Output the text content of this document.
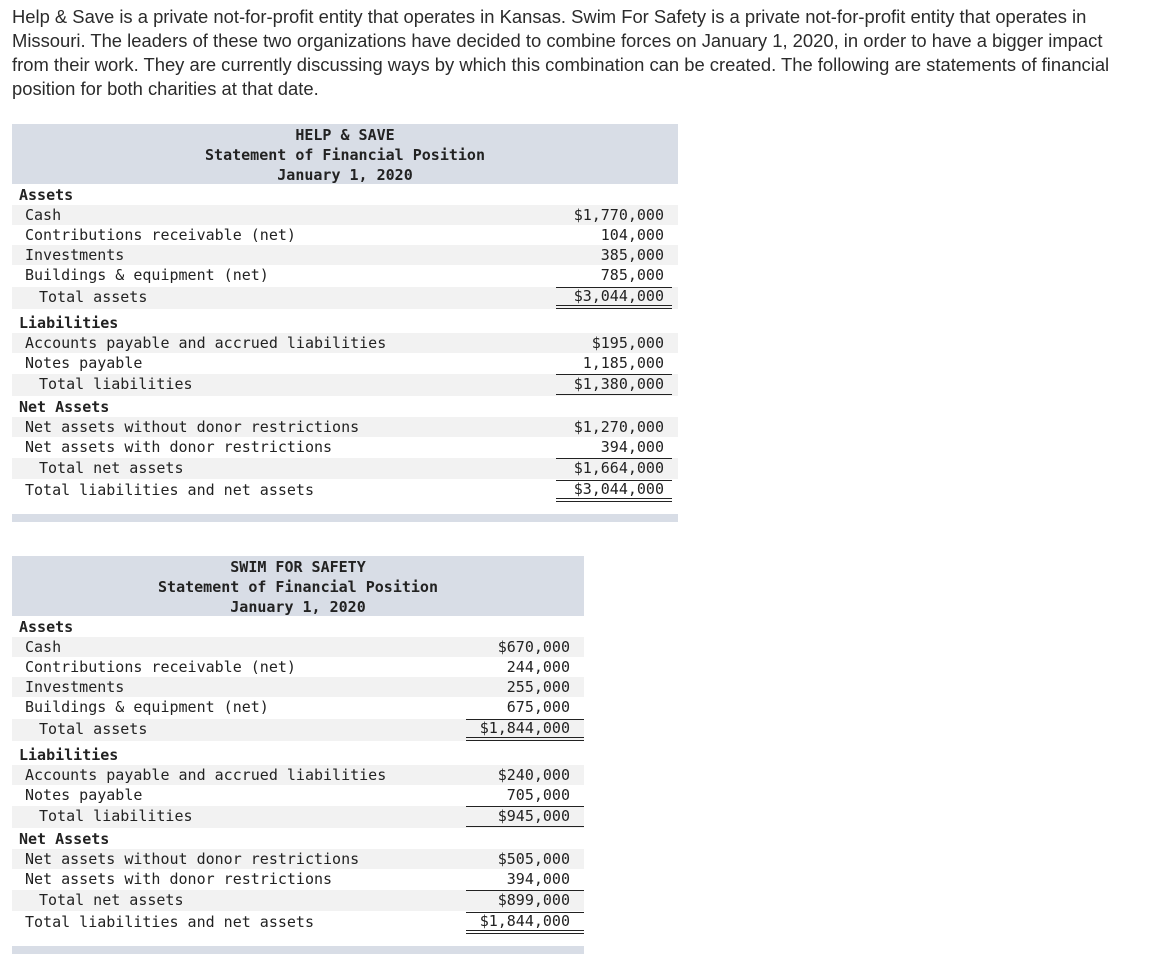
Help & Save is a private not-for-profit entity that operates in Kansas. Swim For Safety is a private not-for-profit entity that operates in Missouri. The leaders of these two organizations have decided to combine forces on January 1, 2020, in order to have a bigger impact from their work. They are currently discussing ways by which this combination can be created. The following are statements of financial position for both charities at that date.

HELP & SAVE
Statement of Financial Position
January 1, 2020
Assets
Cash	$1,770,000
Contributions receivable (net)	104,000
Investments	385,000
Buildings & equipment (net)	785,000
Total assets	$3,044,000
Liabilities
Accounts payable and accrued liabilities	$195,000
Notes payable	1,185,000
Total liabilities	$1,380,000
Net Assets
Net assets without donor restrictions	$1,270,000
Net assets with donor restrictions	394,000
Total net assets	$1,664,000
Total liabilities and net assets	$3,044,000
SWIM FOR SAFETY
Statement of Financial Position
January 1, 2020
Assets
Cash	$670,000
Contributions receivable (net)	244,000
Investments	255,000
Buildings & equipment (net)	675,000
Total assets	$1,844,000
Liabilities
Accounts payable and accrued liabilities	$240,000
Notes payable	705,000
Total liabilities	$945,000
Net Assets
Net assets without donor restrictions	$505,000
Net assets with donor restrictions	394,000
Total net assets	$899,000
Total liabilities and net assets	$1,844,000
